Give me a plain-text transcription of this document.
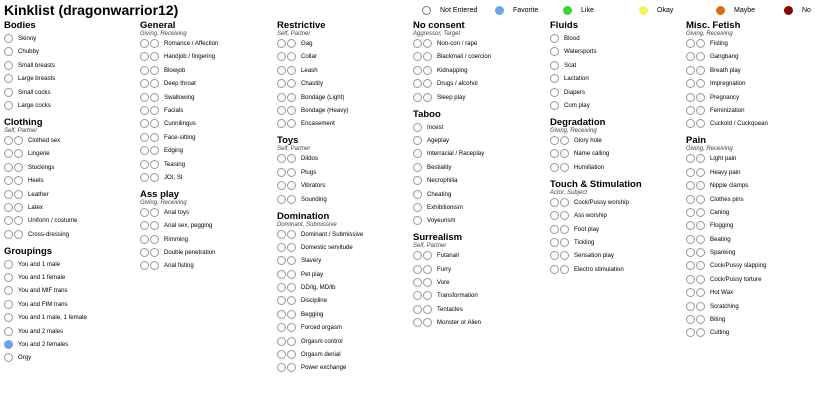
Kinklist (dragonwarrior12)	Not Entered	Favorite	Like	Okay	Maybe	No
Bodies
Skinny
Chubby
Small breasts
Large breasts
Small cocks
Large cocks
Clothing
Self, Partner
Clothed sex
Lingerie
Stockings
Heels
Leather
Latex
Uniform / costume
Cross-dressing
Groupings
You and 1 male
You and 1 female
You and MtF trans
You and FtM trans
You and 1 male, 1 female
You and 2 males
You and 2 females
Orgy
General
Giving, Receiving
Romance / Affection
Handjob / fingering
Blowjob
Deep throat
Swallowing
Facials
Cunnilingus
Face-sitting
Edging
Teasing
JOI, SI
Ass play
Giving, Receiving
Anal toys
Anal sex, pegging
Rimming
Double penetration
Anal fisting
Restrictive
Self, Partner
Gag
Collar
Leash
Chastity
Bondage (Light)
Bondage (Heavy)
Encasement
Toys
Self, Partner
Dildos
Plugs
Vibrators
Sounding
Domination
Dominant, Submissive
Dominant / Submissive
Domestic servitude
Slavery
Pet play
DD/lg, MD/lb
Discipline
Begging
Forced orgasm
Orgasm control
Orgasm denial
Power exchange
No consent
Aggressor, Target
Non-con / rape
Blackmail / coercion
Kidnapping
Drugs / alcohol
Sleep play
Taboo
Incest
Ageplay
Interracial / Raceplay
Bestiality
Necrophilia
Cheating
Exhibitionism
Voyeurism
Surrealism
Self, Partner
Futanari
Furry
Vore
Transformation
Tentacles
Monster or Alien
Fluids
Blood
Watersports
Scat
Lactation
Diapers
Cum play
Degradation
Giving, Receiving
Glory hole
Name calling
Humiliation
Touch & Stimulation
Actor, Subject
Cock/Pussy worship
Ass worship
Foot play
Tickling
Sensation play
Electro stimulation
Misc. Fetish
Giving, Receiving
Fisting
Gangbang
Breath play
Impregnation
Pregnancy
Feminization
Cuckold / Cuckquean
Pain
Giving, Receiving
Light pain
Heavy pain
Nipple clamps
Clothes pins
Caning
Flogging
Beating
Spanking
Cock/Pussy slapping
Cock/Pussy torture
Hot Wax
Scratching
Biting
Cutting
